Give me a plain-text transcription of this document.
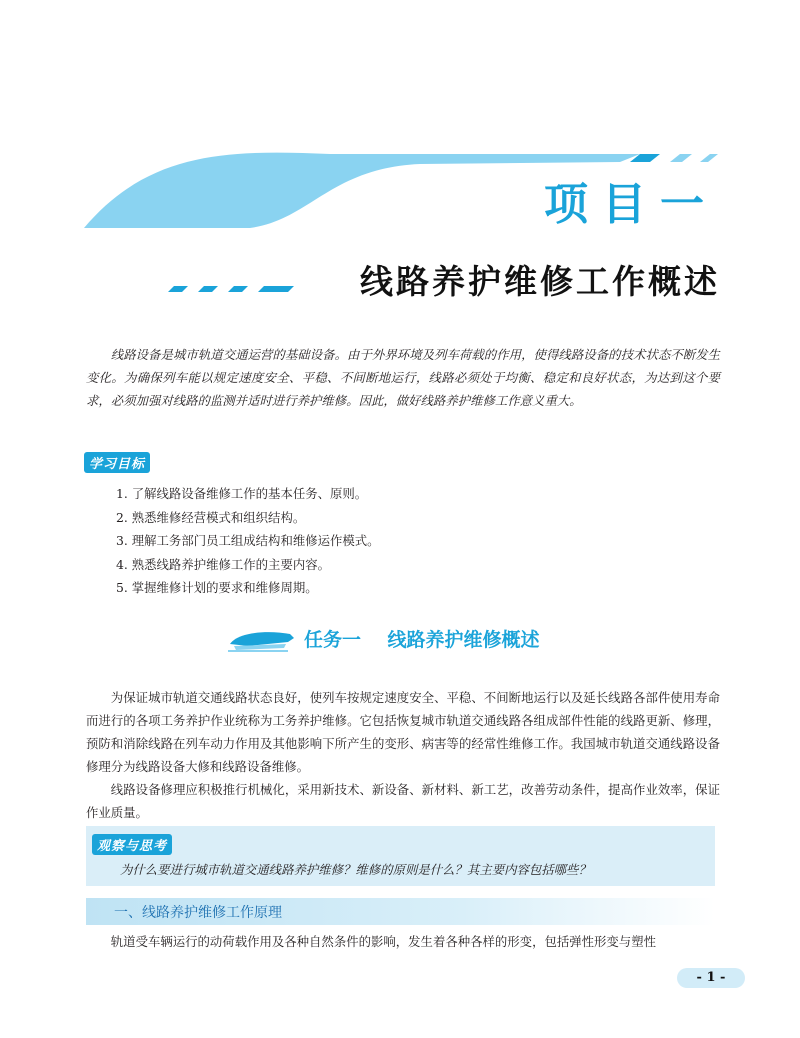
项目一
线路养护维修工作概述

线路设备是城市轨道交通运营的基础设备。由于外界环境及列车荷载的作用，使得线路设备的技术状态不断发生变化。为确保列车能以规定速度安全、平稳、不间断地运行，线路必须处于均衡、稳定和良好状态，为达到这个要求，必须加强对线路的监测并适时进行养护维修。因此，做好线路养护维修工作意义重大。

学习目标
1. 了解线路设备维修工作的基本任务、原则。
2. 熟悉维修经营模式和组织结构。
3. 理解工务部门员工组成结构和维修运作模式。
4. 熟悉线路养护维修工作的主要内容。
5. 掌握维修计划的要求和维修周期。
任务一    线路养护维修概述

为保证城市轨道交通线路状态良好，使列车按规定速度安全、平稳、不间断地运行以及延长线路各部件使用寿命而进行的各项工务养护作业统称为工务养护维修。它包括恢复城市轨道交通线路各组成部件性能的线路更新、修理，预防和消除线路在列车动力作用及其他影响下所产生的变形、病害等的经常性维修工作。我国城市轨道交通线路设备修理分为线路设备大修和线路设备维修。

线路设备修理应积极推行机械化，采用新技术、新设备、新材料、新工艺，改善劳动条件，提高作业效率，保证作业质量。

观察与思考
为什么要进行城市轨道交通线路养护维修？维修的原则是什么？其主要内容包括哪些？
一、线路养护维修工作原理

轨道受车辆运行的动荷载作用及各种自然条件的影响，发生着各种各样的形变，包括弹性形变与塑性

- 1 -
